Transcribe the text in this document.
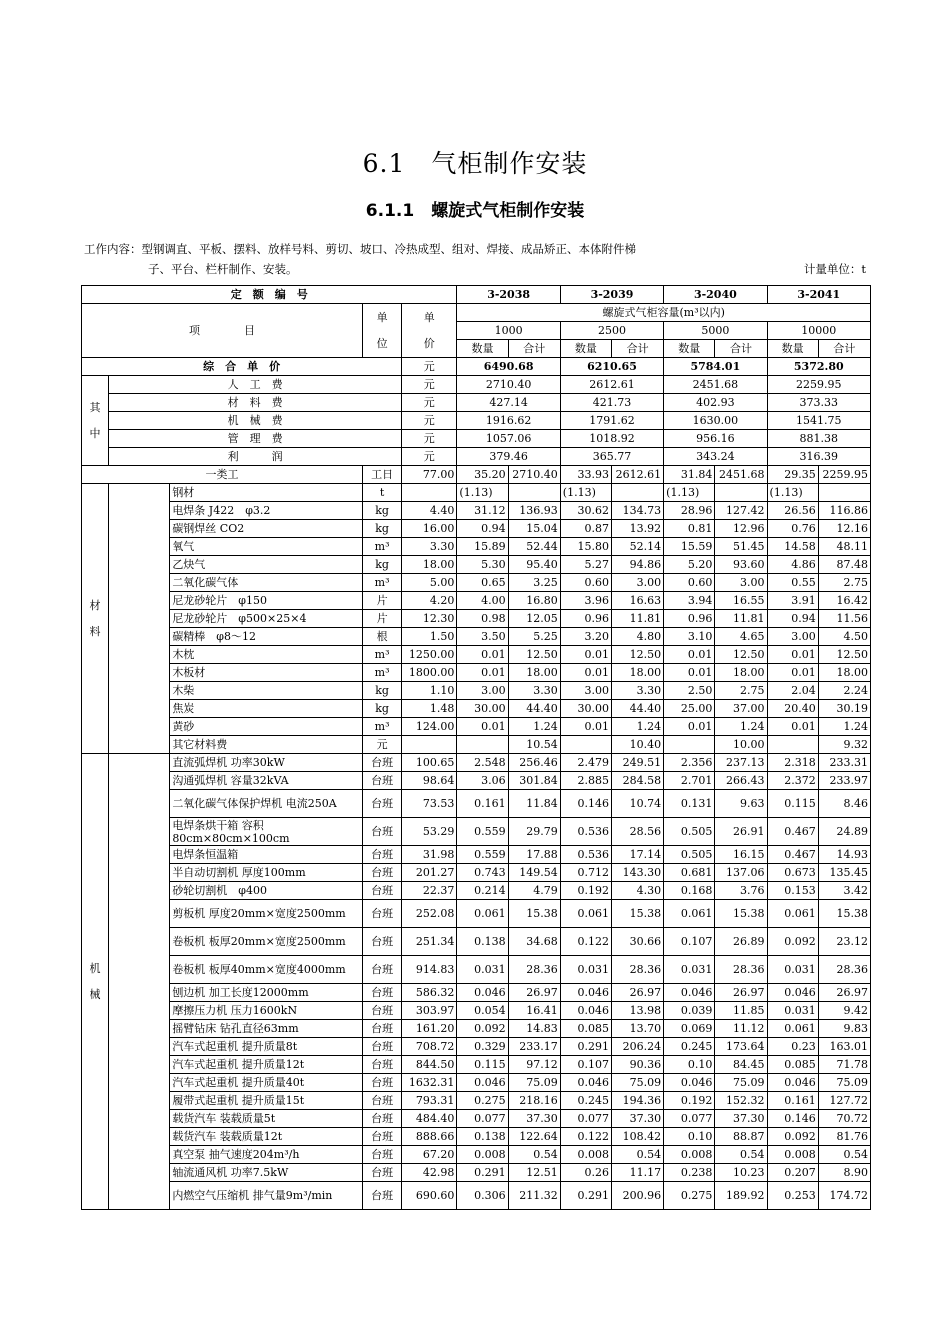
6.1　气柜制作安装
6.1.1　螺旋式气柜制作安装
工作内容：型钢调直、平板、摆料、放样号料、剪切、坡口、冷热成型、组对、焊接、成品矫正、本体附件梯
子、平台、栏杆制作、安装。	计量单位：t
定　额　编　号					3-2038		3-2039		3-2040		3-2041	
项　　　　目			单
位	单
价	螺旋式气柜容量(m³以内)							
					1000		2500		5000		10000	
					数量	合计	数量	合计	数量	合计	数量	合计
综　合　单　价				元	6490.68		6210.65		5784.01		5372.80	
其
中	人　工　费			元	2710.40		2612.61		2451.68		2259.95	
	材　料　费			元	427.14		421.73		402.93		373.33	
	机　械　费			元	1916.62		1791.62		1630.00		1541.75	
	管　理　费			元	1057.06		1018.92		956.16		881.38	
	利　　　润			元	379.46		365.77		343.24		316.39	
一类工			工日	77.00	35.20	2710.40	33.93	2612.61	31.84	2451.68	29.35	2259.95
材
料		钢材	t		(1.13)		(1.13)		(1.13)		(1.13)	
		电焊条 J422　φ3.2	kg	4.40	31.12	136.93	30.62	134.73	28.96	127.42	26.56	116.86
		碳钢焊丝 CO2	kg	16.00	0.94	15.04	0.87	13.92	0.81	12.96	0.76	12.16
		氧气	m³	3.30	15.89	52.44	15.80	52.14	15.59	51.45	14.58	48.11
		乙炔气	kg	18.00	5.30	95.40	5.27	94.86	5.20	93.60	4.86	87.48
		二氧化碳气体	m³	5.00	0.65	3.25	0.60	3.00	0.60	3.00	0.55	2.75
		尼龙砂轮片　φ150	片	4.20	4.00	16.80	3.96	16.63	3.94	16.55	3.91	16.42
		尼龙砂轮片　φ500×25×4	片	12.30	0.98	12.05	0.96	11.81	0.96	11.81	0.94	11.56
		碳精棒　φ8～12	根	1.50	3.50	5.25	3.20	4.80	3.10	4.65	3.00	4.50
		木枕	m³	1250.00	0.01	12.50	0.01	12.50	0.01	12.50	0.01	12.50
		木板材	m³	1800.00	0.01	18.00	0.01	18.00	0.01	18.00	0.01	18.00
		木柴	kg	1.10	3.00	3.30	3.00	3.30	2.50	2.75	2.04	2.24
		焦炭	kg	1.48	30.00	44.40	30.00	44.40	25.00	37.00	20.40	30.19
		黄砂	m³	124.00	0.01	1.24	0.01	1.24	0.01	1.24	0.01	1.24
		其它材料费	元			10.54		10.40		10.00		9.32
机
械		直流弧焊机 功率30kW	台班	100.65	2.548	256.46	2.479	249.51	2.356	237.13	2.318	233.31
		沟通弧焊机 容量32kVA	台班	98.64	3.06	301.84	2.885	284.58	2.701	266.43	2.372	233.97
		二氧化碳气体保护焊机 电流250A	台班	73.53	0.161	11.84	0.146	10.74	0.131	9.63	0.115	8.46
		电焊条烘干箱 容积80cm×80cm×100cm	台班	53.29	0.559	29.79	0.536	28.56	0.505	26.91	0.467	24.89
		电焊条恒温箱	台班	31.98	0.559	17.88	0.536	17.14	0.505	16.15	0.467	14.93
		半自动切割机 厚度100mm	台班	201.27	0.743	149.54	0.712	143.30	0.681	137.06	0.673	135.45
		砂轮切割机　φ400	台班	22.37	0.214	4.79	0.192	4.30	0.168	3.76	0.153	3.42
		剪板机 厚度20mm×宽度2500mm	台班	252.08	0.061	15.38	0.061	15.38	0.061	15.38	0.061	15.38
		卷板机 板厚20mm×宽度2500mm	台班	251.34	0.138	34.68	0.122	30.66	0.107	26.89	0.092	23.12
		卷板机 板厚40mm×宽度4000mm	台班	914.83	0.031	28.36	0.031	28.36	0.031	28.36	0.031	28.36
		刨边机 加工长度12000mm	台班	586.32	0.046	26.97	0.046	26.97	0.046	26.97	0.046	26.97
		摩擦压力机 压力1600kN	台班	303.97	0.054	16.41	0.046	13.98	0.039	11.85	0.031	9.42
		摇臂钻床 钻孔直径63mm	台班	161.20	0.092	14.83	0.085	13.70	0.069	11.12	0.061	9.83
		汽车式起重机 提升质量8t	台班	708.72	0.329	233.17	0.291	206.24	0.245	173.64	0.23	163.01
		汽车式起重机 提升质量12t	台班	844.50	0.115	97.12	0.107	90.36	0.10	84.45	0.085	71.78
		汽车式起重机 提升质量40t	台班	1632.31	0.046	75.09	0.046	75.09	0.046	75.09	0.046	75.09
		履带式起重机 提升质量15t	台班	793.31	0.275	218.16	0.245	194.36	0.192	152.32	0.161	127.72
		载货汽车 装载质量5t	台班	484.40	0.077	37.30	0.077	37.30	0.077	37.30	0.146	70.72
		载货汽车 装载质量12t	台班	888.66	0.138	122.64	0.122	108.42	0.10	88.87	0.092	81.76
		真空泵 抽气速度204m³/h	台班	67.20	0.008	0.54	0.008	0.54	0.008	0.54	0.008	0.54
		轴流通风机 功率7.5kW	台班	42.98	0.291	12.51	0.26	11.17	0.238	10.23	0.207	8.90
		内燃空气压缩机 排气量9m³/min	台班	690.60	0.306	211.32	0.291	200.96	0.275	189.92	0.253	174.72
